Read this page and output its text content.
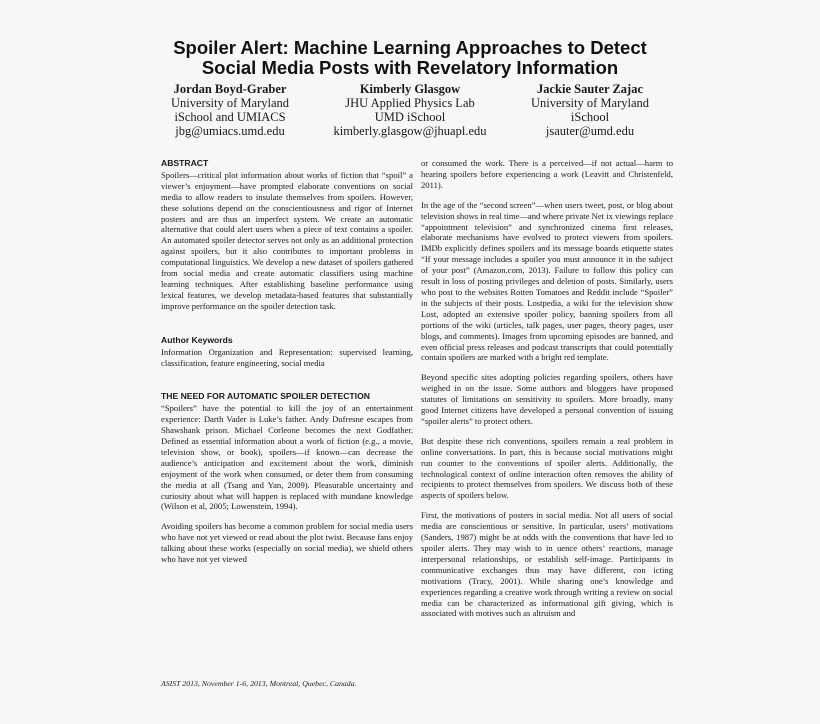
Spoiler Alert: Machine Learning Approaches to Detect
Social Media Posts with Revelatory Information
Jordan Boyd-Graber
University of Maryland
iSchool and UMIACS
jbg@umiacs.umd.edu
Kimberly Glasgow
JHU Applied Physics Lab
UMD iSchool
kimberly.glasgow@jhuapl.edu
Jackie Sauter Zajac
University of Maryland
iSchool
jsauter@umd.edu
ABSTRACT

Spoilers—critical plot information about works of fiction that “spoil” a viewer’s enjoyment—have prompted elaborate conventions on social media to allow readers to insulate themselves from spoilers. However, these solutions depend on the conscientiousness and rigor of Internet posters and are thus an imperfect system. We create an automatic alternative that could alert users when a piece of text contains a spoiler. An automated spoiler detector serves not only as an additional protection against spoilers, but it also contributes to important problems in computational linguistics. We develop a new dataset of spoilers gathered from social media and create automatic classifiers using machine learning techniques. After establishing baseline performance using lexical features, we develop metadata-based features that substantially improve performance on the spoiler detection task.

Author Keywords

Information Organization and Representation: supervised learning, classification, feature engineering, social media

THE NEED FOR AUTOMATIC SPOILER DETECTION

“Spoilers” have the potential to kill the joy of an entertainment experience: Darth Vader is Luke’s father. Andy Dufresne escapes from Shawshank prison. Michael Corleone becomes the next Godfather. Defined as essential information about a work of fiction (e.g., a movie, television show, or book), spoilers—if known—can decrease the audience’s anticipation and excitement about the work, diminish enjoyment of the work when consumed, or deter them from consuming the media at all (Tsang and Yan, 2009). Pleasurable uncertainty and curiosity about what will happen is replaced with mundane knowledge (Wilson et al, 2005; Lowenstein, 1994).

Avoiding spoilers has become a common problem for social media users who have not yet viewed or read about the plot twist. Because fans enjoy talking about these works (especially on social media), we shield others who have not yet viewed

or consumed the work. There is a perceived—if not actual—harm to hearing spoilers before experiencing a work (Leavitt and Christenfeld, 2011).

In the age of the “second screen”—when users tweet, post, or blog about television shows in real time—and where private Net ix viewings replace “appointment television” and synchronized cinema first releases, elaborate mechanisms have evolved to protect viewers from spoilers. IMDb explicitly defines spoilers and its message boards etiquette states “If your message includes a spoiler you must announce it in the subject of your post” (Amazon.com, 2013). Failure to follow this policy can result in loss of posting privileges and deletion of posts. Similarly, users who post to the websites Rotten Tomatoes and Reddit include “Spoiler” in the subjects of their posts. Lostpedia, a wiki for the television show Lost, adopted an extensive spoiler policy, banning spoilers from all portions of the wiki (articles, talk pages, user pages, theory pages, user blogs, and comments). Images from upcoming episodes are banned, and even official press releases and podcast transcripts that could potentially contain spoilers are marked with a bright red template.

Beyond specific sites adopting policies regarding spoilers, others have weighed in on the issue. Some authors and bloggers have proposed statutes of limitations on sensitivity to spoilers. More broadly, many good Internet citizens have developed a personal convention of issuing “spoiler alerts” to protect others.

But despite these rich conventions, spoilers remain a real problem in online conversations. In part, this is because social motivations might run counter to the conventions of spoiler alerts. Additionally, the technological context of online interaction often removes the ability of recipients to protect themselves from spoilers. We discuss both of these aspects of spoilers below.

First, the motivations of posters in social media. Not all users of social media are conscientious or sensitive. In particular, users’ motivations (Sanders, 1987) might be at odds with the conventions that have led to spoiler alerts. They may wish to in uence others’ reactions, manage interpersonal relationships, or establish self-image. Participants in communicative exchanges thus may have different, con icting motivations (Tracy, 2001). While sharing one’s knowledge and experiences regarding a creative work through writing a review on social media can be characterized as informational gift giving, which is associated with motives such as altruism and

ASIST 2013, November 1-6, 2013, Montreal, Quebec, Canada.
